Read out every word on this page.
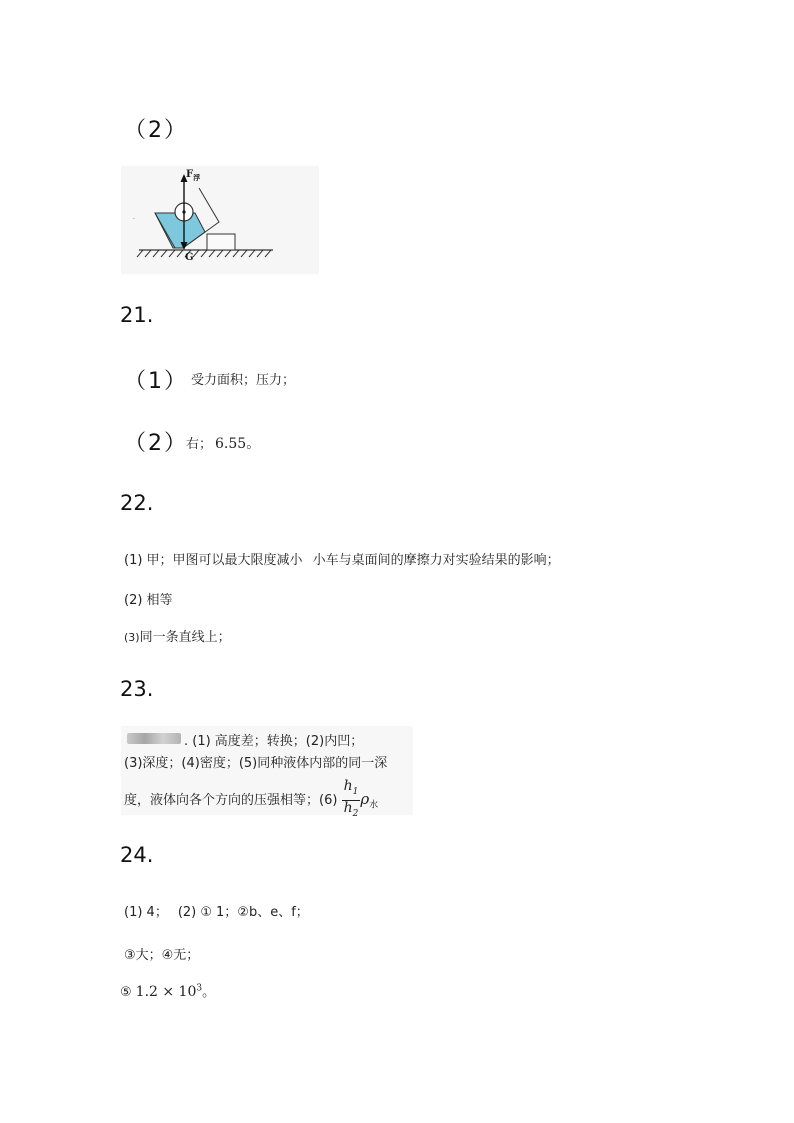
（2）
·
$F_浮$
G
21.
（1） 受力面积；压力；
（2）
右； 6.55。
22.
(1) 甲；甲图可以最大限度减小 小车与桌面间的摩擦力对实验结果的影响；
(2) 相等
(3)同一条直线上；
23.
. (1) 高度差；转换；(2)内凹；
(3)深度；(4)密度；(5)同种液体内部的同一深
度，液体向各个方向的压强相等；$(6) \frac{h_1}{h_2} \rho_水$
24.
(1) 4； (2) ① 1；②b、e、f；
③大；④无；
⑤ $1.2 \times 10^3$。
